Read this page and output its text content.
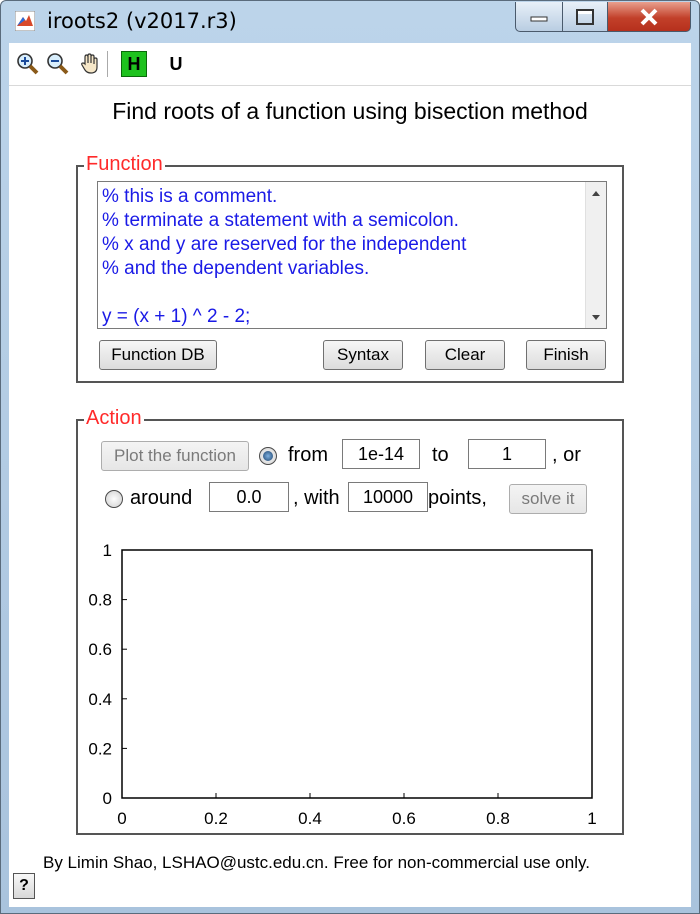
iroots2 (v2017.r3)
H	U
Find roots of a function using bisection method
Function
% this is a comment.
% terminate a statement with a semicolon.
% x and y are reserved for the independent
% and the dependent variables.
y = (x + 1) ^ 2 - 2;
Function DB	Syntax	Clear	Finish
Action
Plot the function	from	1e-14	to	1	, or
around	0.0	, with	10000 points,	solve it
0	0.2	0.4	0.6	0.8	1
0
0.2
0.4
0.6
0.8
1
By Limin Shao, LSHAO@ustc.edu.cn. Free for non-commercial use only.
?
